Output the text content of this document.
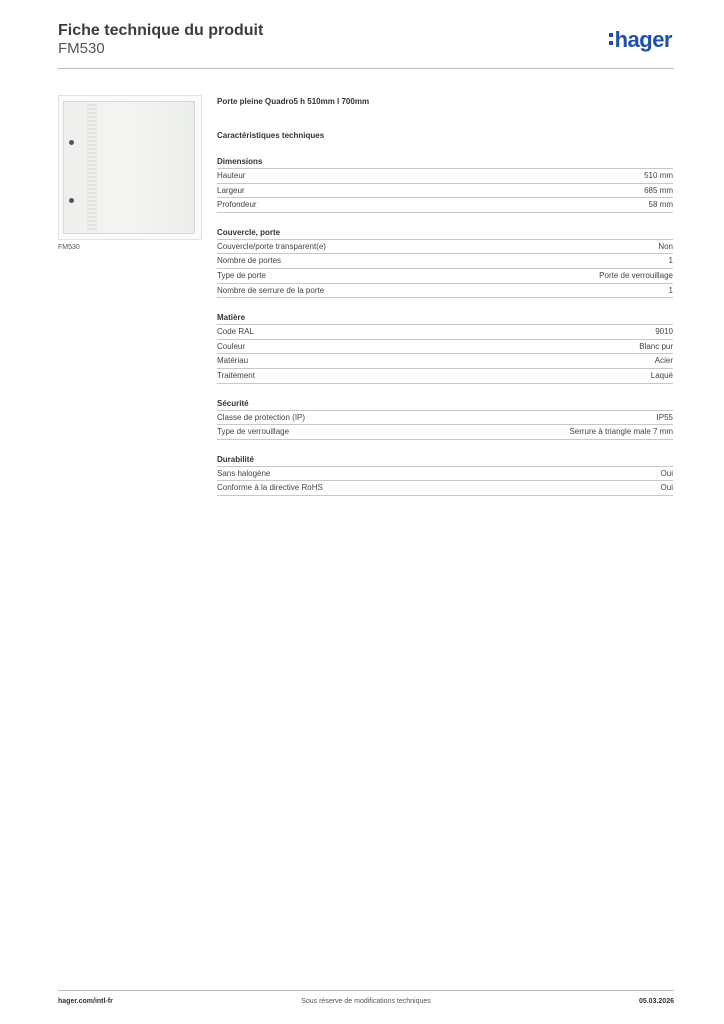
Fiche technique du produit
FM530	hager
FM530
Porte pleine Quadro5 h 510mm l 700mm
Caractéristiques techniques
Dimensions
Hauteur	510 mm
Largeur	685 mm
Profondeur	58 mm
Couvercle, porte
Couvercle/porte transparent(e)	Non
Nombre de portes	1
Type de porte	Porte de verrouillage
Nombre de serrure de la porte	1
Matière
Code RAL	9010
Couleur	Blanc pur
Matériau	Acier
Traitement	Laqué
Sécurité
Classe de protection (IP)	IP55
Type de verrouillage	Serrure à triangle male 7 mm
Durabilité
Sans halogène	Oui
Conforme à la directive RoHS	Oui
hager.com/intl-fr	Sous réserve de modifications techniques	05.03.2026
